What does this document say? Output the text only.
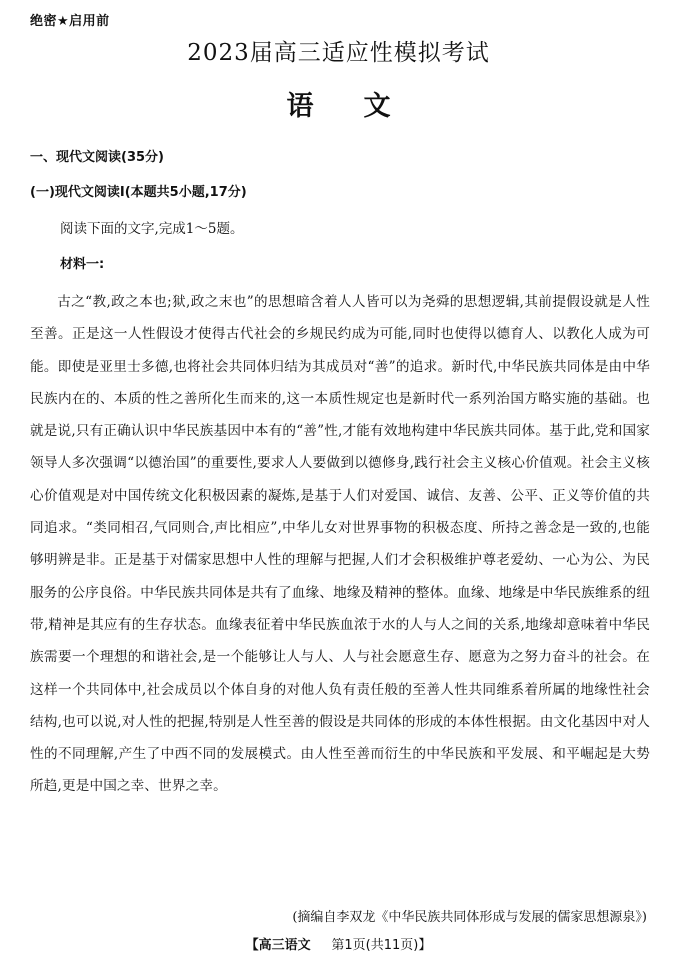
绝密★启用前
2023届高三适应性模拟考试
语文
一、现代文阅读(35分)
(一)现代文阅读Ⅰ(本题共5小题,17分)
阅读下面的文字,完成1～5题。
材料一:

古之“教,政之本也;狱,政之末也”的思想暗含着人人皆可以为尧舜的思想逻辑,其前提假设就是人性至善。正是这一人性假设才使得古代社会的乡规民约成为可能,同时也使得以德育人、以教化人成为可能。即使是亚里士多德,也将社会共同体归结为其成员对“善”的追求。新时代,中华民族共同体是由中华民族内在的、本质的性之善所化生而来的,这一本质性规定也是新时代一系列治国方略实施的基础。也就是说,只有正确认识中华民族基因中本有的“善”性,才能有效地构建中华民族共同体。基于此,党和国家领导人多次强调“以德治国”的重要性,要求人人要做到以德修身,践行社会主义核心价值观。社会主义核心价值观是对中国传统文化积极因素的凝炼,是基于人们对爱国、诚信、友善、公平、正义等价值的共同追求。“类同相召,气同则合,声比相应”,中华儿女对世界事物的积极态度、所持之善念是一致的,也能够明辨是非。正是基于对儒家思想中人性的理解与把握,人们才会积极维护尊老爱幼、一心为公、为民服务的公序良俗。中华民族共同体是共有了血缘、地缘及精神的整体。血缘、地缘是中华民族维系的纽带,精神是其应有的生存状态。血缘表征着中华民族血浓于水的人与人之间的关系,地缘却意味着中华民族需要一个理想的和谐社会,是一个能够让人与人、人与社会愿意生存、愿意为之努力奋斗的社会。在这样一个共同体中,社会成员以个体自身的对他人负有责任般的至善人性共同维系着所属的地缘性社会结构,也可以说,对人性的把握,特别是人性至善的假设是共同体的形成的本体性根据。由文化基因中对人性的不同理解,产生了中西不同的发展模式。由人性至善而衍生的中华民族和平发展、和平崛起是大势所趋,更是中国之幸、世界之幸。

(摘编自李双龙《中华民族共同体形成与发展的儒家思想源泉》)
【高三语文 第1页(共11页)】
